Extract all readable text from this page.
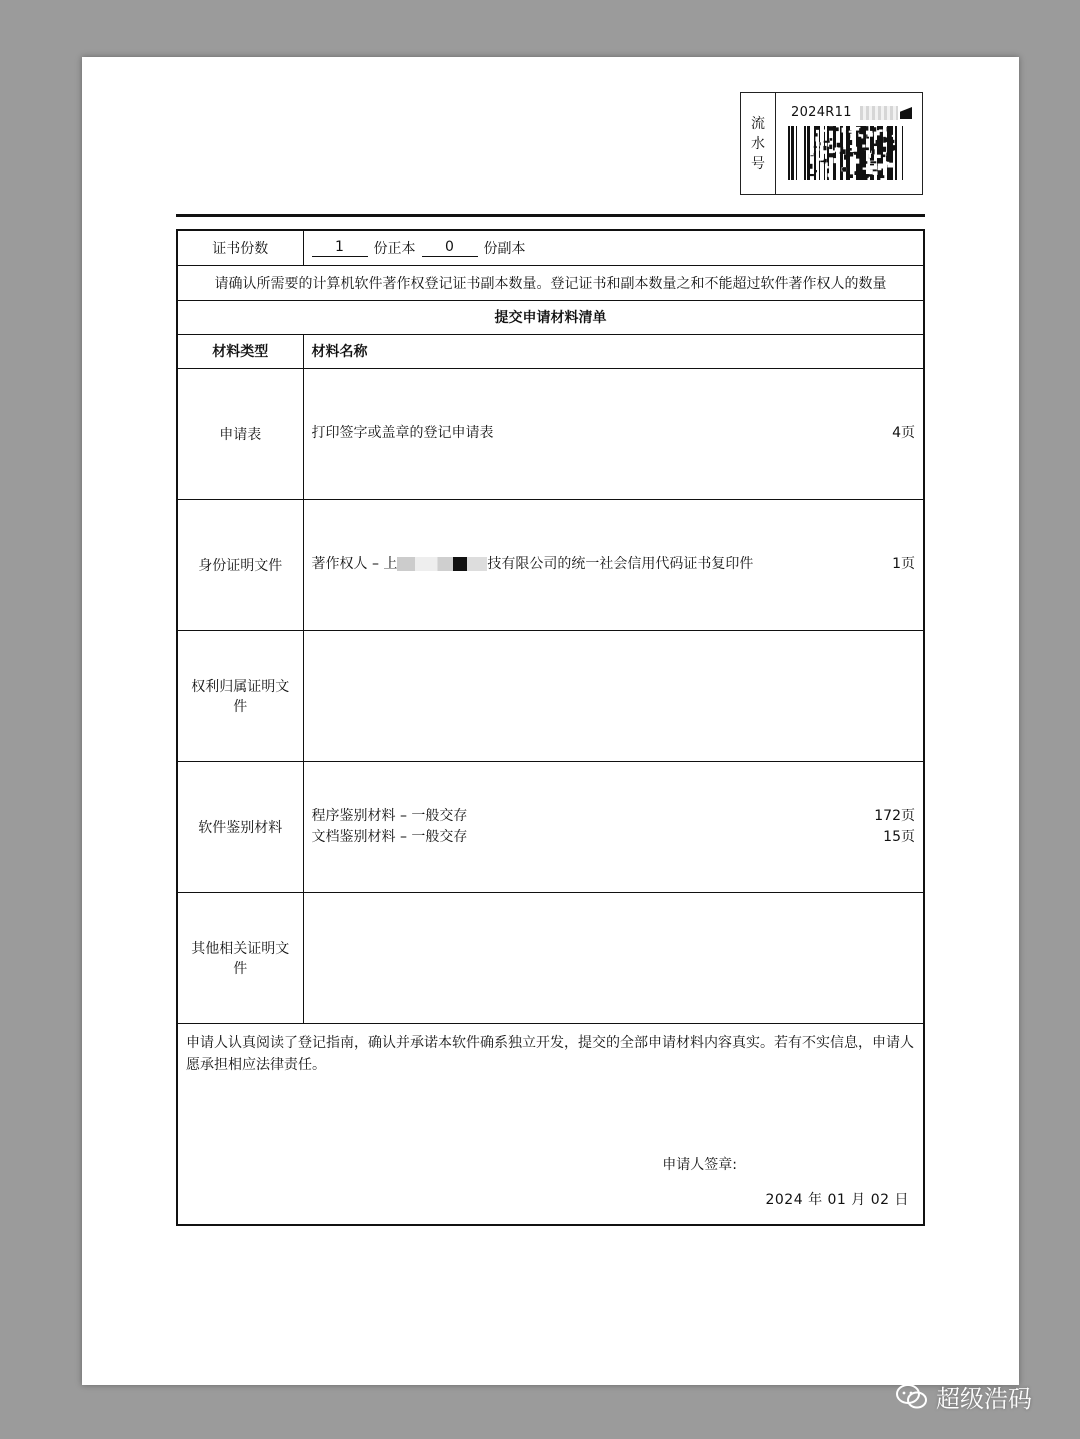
流
水
号
2024R11
证书份数	1 份正本 0 份副本

请确认所需要的计算机软件著作权登记证书副本数量。登记证书和副本数量之和不能超过软件著作权人的数量	
提交申请材料清单	
材料类型	材料名称
申请表	打印签字或盖章的登记申请表 4页

身份证明文件	著作权人 – 上 技有限公司的统一社会信用代码证书复印件 1页

权利归属证明文件	
软件鉴别材料	程序鉴别材料 – 一般交存 172页
文档鉴别材料 – 一般交存 15页

其他相关证明文件	

申请人认真阅读了登记指南，确认并承诺本软件确系独立开发，提交的全部申请材料内容真实。若有不实信息，申请人愿承担相应法律责任。
申请人签章:
2024 年 01 月 02 日	
超级浩码
